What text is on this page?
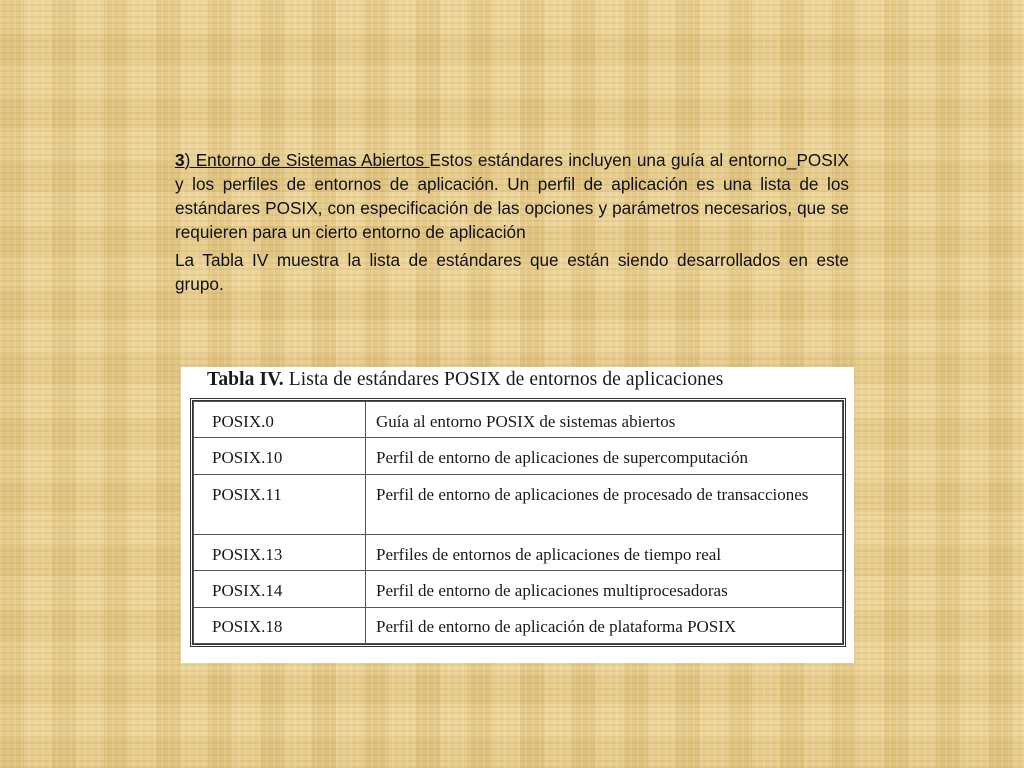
3) Entorno de Sistemas Abiertos Estos estándares incluyen una guía al entorno_POSIX y los perfiles de entornos de aplicación. Un perfil de aplicación es una lista de los estándares POSIX, con especificación de las opciones y parámetros necesarios, que se requieren para un cierto entorno de aplicación

La Tabla IV muestra la lista de estándares que están siendo desarrollados en este grupo.

Tabla IV. Lista de estándares POSIX de entornos de aplicaciones
POSIX.0	Guía al entorno POSIX de sistemas abiertos
POSIX.10	Perfil de entorno de aplicaciones de supercomputación
POSIX.11	Perfil de entorno de aplicaciones de procesado de transacciones
POSIX.13	Perfiles de entornos de aplicaciones de tiempo real
POSIX.14	Perfil de entorno de aplicaciones multiprocesadoras
POSIX.18	Perfil de entorno de aplicación de plataforma POSIX
